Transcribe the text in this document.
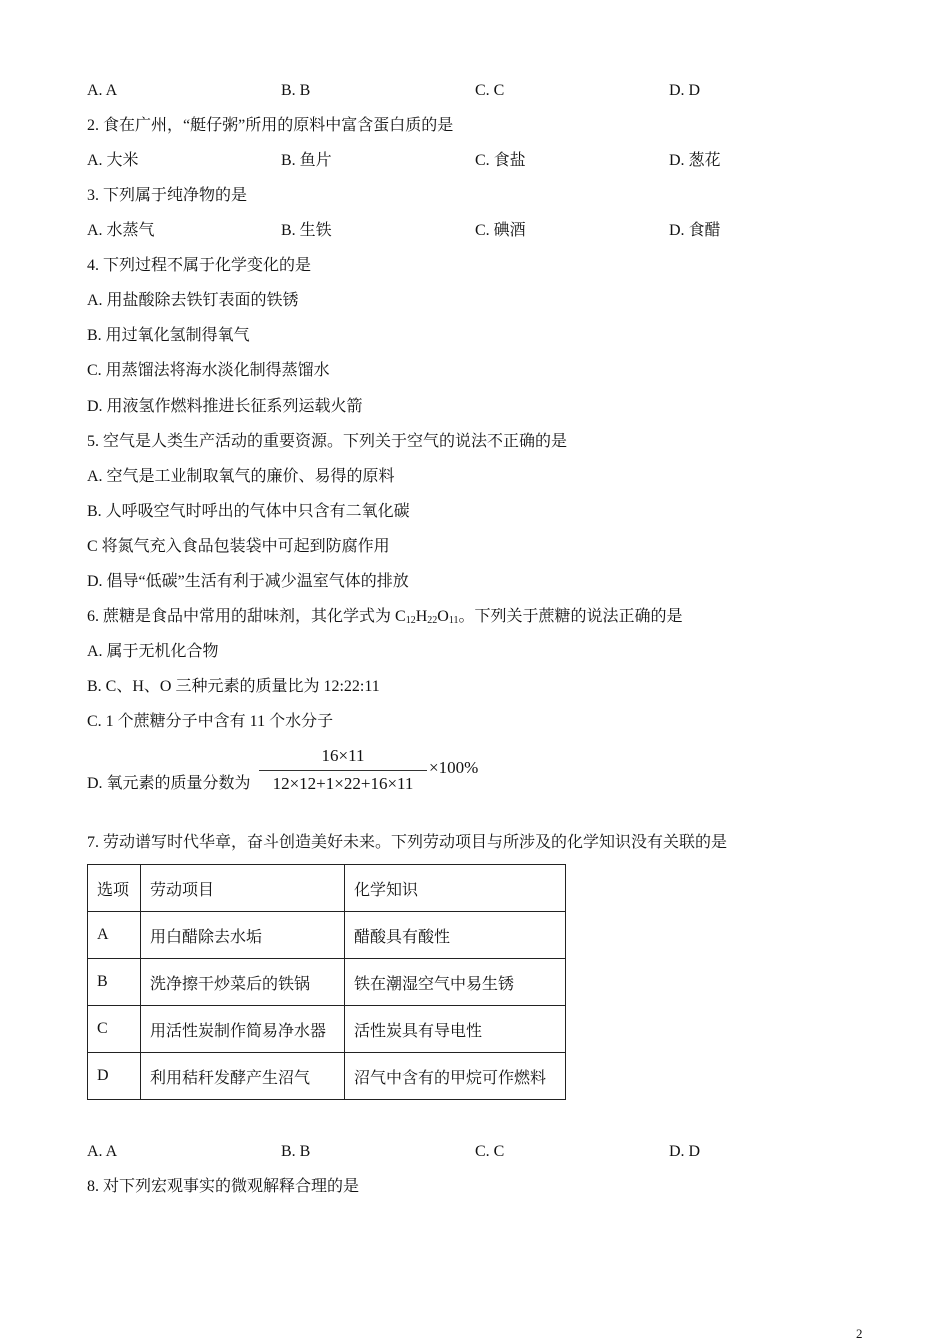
A. A	B. B	C. C	D. D
2. 食在广州，“艇仔粥”所用的原料中富含蛋白质的是
A. 大米	B. 鱼片	C. 食盐	D. 葱花
3. 下列属于纯净物的是
A. 水蒸气	B. 生铁	C. 碘酒	D. 食醋
4. 下列过程不属于化学变化的是
A. 用盐酸除去铁钉表面的铁锈
B. 用过氧化氢制得氧气
C. 用蒸馏法将海水淡化制得蒸馏水
D. 用液氢作燃料推进长征系列运载火箭
5. 空气是人类生产活动的重要资源。下列关于空气的说法不正确的是
A. 空气是工业制取氧气的廉价、易得的原料
B. 人呼吸空气时呼出的气体中只含有二氧化碳
C 将氮气充入食品包装袋中可起到防腐作用
D. 倡导“低碳”生活有利于减少温室气体的排放
6. 蔗糖是食品中常用的甜味剂，其化学式为 $C_{12}H_{22}O_{11}$。下列关于蔗糖的说法正确的是
A. 属于无机化合物
B. C、H、O 三种元素的质量比为 12:22:11
C. 1 个蔗糖分子中含有 11 个水分子
D. 氧元素的质量分数为
16×11
12×12+1×22+16×11
×100%
7. 劳动谱写时代华章，奋斗创造美好未来。下列劳动项目与所涉及的化学知识没有关联的是
选项	劳动项目	化学知识
A	用白醋除去水垢	醋酸具有酸性
B	洗净擦干炒菜后的铁锅	铁在潮湿空气中易生锈
C	用活性炭制作简易净水器	活性炭具有导电性
D	利用秸秆发酵产生沼气	沼气中含有的甲烷可作燃料
A. A	B. B	C. C	D. D
8. 对下列宏观事实的微观解释合理的是
2
